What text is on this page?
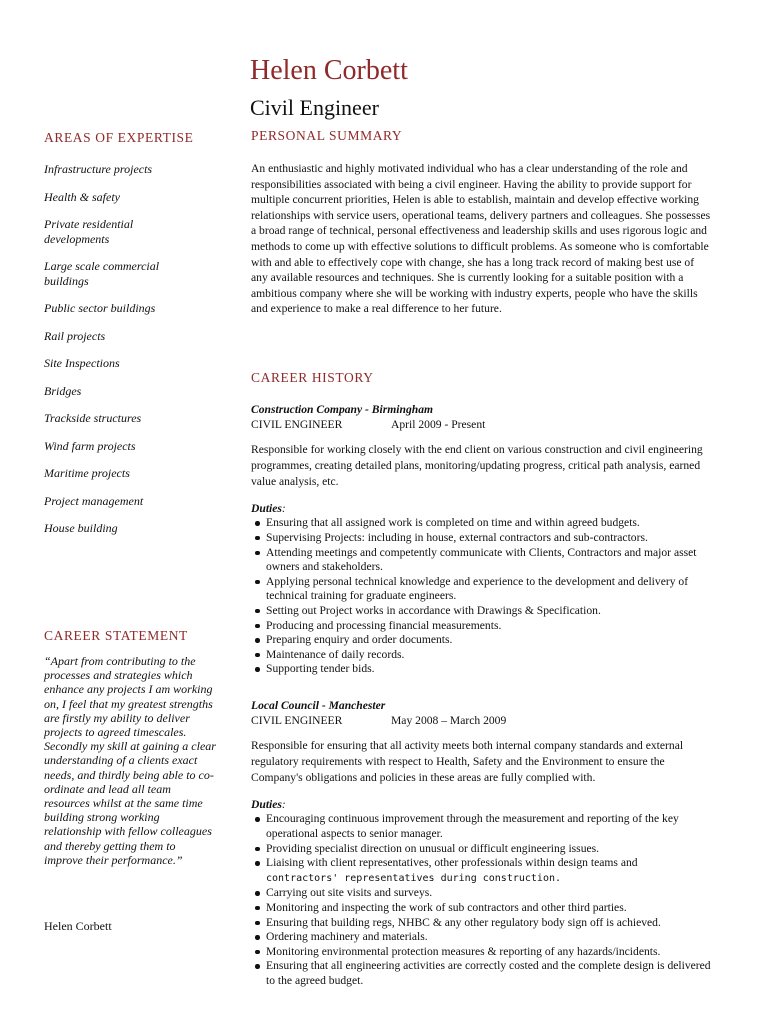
Helen Corbett
Civil Engineer
AREAS OF EXPERTISE
Infrastructure projects
Health & safety
Private residential developments
Large scale commercial buildings
Public sector buildings
Rail projects
Site Inspections
Bridges
Trackside structures
Wind farm projects
Maritime projects
Project management
House building
CAREER STATEMENT
“Apart from contributing to the processes and strategies which enhance any projects I am working on, I feel that my greatest strengths are firstly my ability to deliver projects to agreed timescales. Secondly my skill at gaining a clear understanding of a clients exact needs, and thirdly being able to co-ordinate and lead all team resources whilst at the same time building strong working relationship with fellow colleagues and thereby getting them to improve their performance.”
Helen Corbett
PERSONAL SUMMARY

An enthusiastic and highly motivated individual who has a clear understanding of the role and responsibilities associated with being a civil engineer. Having the ability to provide support for multiple concurrent priorities, Helen is able to establish, maintain and develop effective working relationships with service users, operational teams, delivery partners and colleagues. She possesses a broad range of technical, personal effectiveness and leadership skills and uses rigorous logic and methods to come up with effective solutions to difficult problems. As someone who is comfortable with and able to effectively cope with change, she has a long track record of making best use of any available resources and techniques. She is currently looking for a suitable position with a ambitious company where she will be working with industry experts, people who have the skills and experience to make a real difference to her future.

CAREER HISTORY
Construction Company - Birmingham
CIVIL ENGINEER	April 2009 - Present

Responsible for working closely with the end client on various construction and civil engineering programmes, creating detailed plans, monitoring/updating progress, critical path analysis, earned value analysis, etc.

Duties:

Ensuring that all assigned work is completed on time and within agreed budgets.
Supervising Projects: including in house, external contractors and sub-contractors.
Attending meetings and competently communicate with Clients, Contractors and major asset owners and stakeholders.
Applying personal technical knowledge and experience to the development and delivery of technical training for graduate engineers.
Setting out Project works in accordance with Drawings & Specification.
Producing and processing financial measurements.
Preparing enquiry and order documents.
Maintenance of daily records.
Supporting tender bids.
Local Council - Manchester
CIVIL ENGINEER	May 2008 – March 2009

Responsible for ensuring that all activity meets both internal company standards and external regulatory requirements with respect to Health, Safety and the Environment to ensure the Company's obligations and policies in these areas are fully complied with.

Duties:

Encouraging continuous improvement through the measurement and reporting of the key operational aspects to senior manager.
Providing specialist direction on unusual or difficult engineering issues.
Liaising with client representatives, other professionals within design teams and
contractors' representatives during construction.
Carrying out site visits and surveys.
Monitoring and inspecting the work of sub contractors and other third parties.
Ensuring that building regs, NHBC & any other regulatory body sign off is achieved.
Ordering machinery and materials.
Monitoring environmental protection measures & reporting of any hazards/incidents.
Ensuring that all engineering activities are correctly costed and the complete design is delivered to the agreed budget.
